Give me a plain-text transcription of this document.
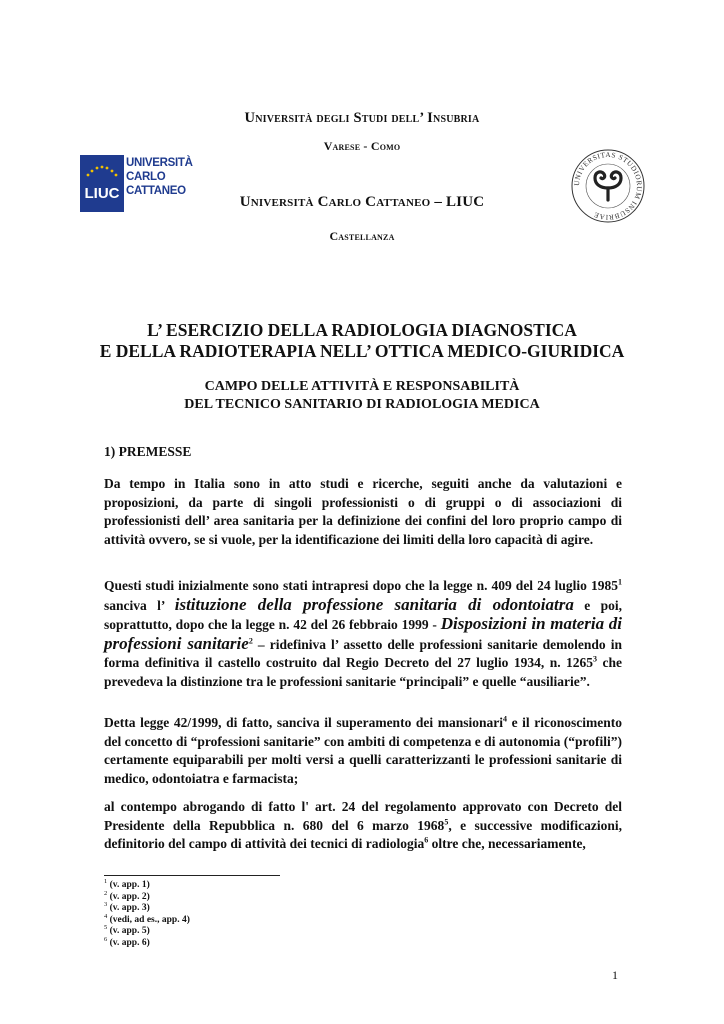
Università degli Studi dell’ Insubria
Varese - Como
Università Carlo Cattaneo – LIUC
Castellanza
LIUC
UNIVERSITÀ
CARLO
CATTANEO
UNIVERSITAS STUDIORUM INSUBRIAE
L’ ESERCIZIO DELLA RADIOLOGIA DIAGNOSTICA
E DELLA RADIOTERAPIA NELL’ OTTICA MEDICO-GIURIDICA
CAMPO DELLE ATTIVITÀ E RESPONSABILITÀ
DEL TECNICO SANITARIO DI RADIOLOGIA MEDICA
1) PREMESSE
Da tempo in Italia sono in atto studi e ricerche, seguiti anche da valutazioni e proposizioni, da parte di singoli professionisti o di gruppi o di associazioni di professionisti dell’ area sanitaria per la definizione dei confini del loro proprio campo di attività ovvero, se si vuole, per la identificazione dei limiti della loro capacità di agire.
Questi studi inizialmente sono stati intrapresi dopo che la legge n. 409 del 24 luglio 1985$^1$ sanciva l’ istituzione della professione sanitaria di odontoiatra e poi, soprattutto, dopo che la legge n. 42 del 26 febbraio 1999 - Disposizioni in materia di professioni sanitarie$^2$ – ridefiniva l’ assetto delle professioni sanitarie demolendo in forma definitiva il castello costruito dal Regio Decreto del 27 luglio 1934, n. 1265$^3$ che prevedeva la distinzione tra le professioni sanitarie “principali” e quelle “ausiliarie”.
Detta legge 42/1999, di fatto, sanciva il superamento dei mansionari$^4$ e il riconoscimento del concetto di “professioni sanitarie” con ambiti di competenza e di autonomia (“profili”) certamente equiparabili per molti versi a quelli caratterizzanti le professioni sanitarie di medico, odontoiatra e farmacista;
al contempo abrogando di fatto l' art. 24 del regolamento approvato con Decreto del Presidente della Repubblica n. 680 del 6 marzo 1968$^5$, e successive modificazioni, definitorio del campo di attività dei tecnici di radiologia$^6$ oltre che, necessariamente,
$^1$ (v. app. 1)
$^2$ (v. app. 2)
$^3$ (v. app. 3)
$^4$ (vedi, ad es., app. 4)
$^5$ (v. app. 5)
$^6$ (v. app. 6)
1
